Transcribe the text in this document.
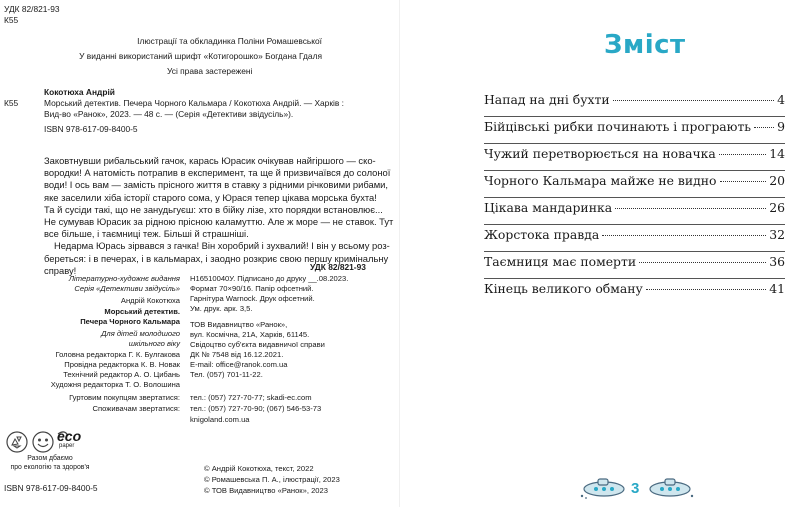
УДК 82/821-93
К55
Ілюстрації та обкладинка Поліни Ромашевської
У виданні використаний шрифт «Котигорошко» Богдана Гдаля
Усі права застережені
Кокотюха Андрій
К55	Морський детектив. Печера Чорного Кальмара / Кокотюха Андрій. — Харків :
Вид-во «Ранок», 2023. — 48 с. — (Серія «Детективи звідусіль»).
ISBN 978-617-09-8400-5
Заковтнувши рибальський гачок, карась Юрасик очікував найгіршого — ско-
вородки! А натомість потрапив в експеримент, та ще й призвичаївся до солоної
води! І ось вам — замість прісного життя в ставку з рідними річковими рибами,
яке заселили хіба історії старого сома, у Юрася тепер цікава морська бухта!
Та й сусіди такі, що не занудьгуєш: хто в бійку лізе, хто порядки встановлює...
Не сумував Юрасик за рідною прісною каламуттю. Але ж море — не ставок. Тут
все більше, і таємниці теж. Більші й страшніші.
Недарма Юрась зірвався з гачка! Він хоробрий і зухвалий! І він у всьому роз-
береться: і в печерах, і в кальмарах, і заодно розкриє свою першу кримінальну
справу!	УДК 82/821-93
Літературно-художнє видання
Серія «Детективи звідусіль»
Андрій Кокотюха
Морський детектив.
Печера Чорного Кальмара
Для дітей молодшого
шкільного віку
Головна редакторка Г. К. Булгакова
Провідна редакторка К. В. Новак
Технічний редактор А. О. Цибань
Художня редакторка Т. О. Волошина
Н16510040У. Підписано до друку __.08.2023.
Формат 70×90/16. Папір офсетний.
Гарнітура Warnock. Друк офсетний.
Ум. друк. арк. 3,5.
ТОВ Видавництво «Ранок»,
вул. Космічна, 21А, Харків, 61145.
Свідоцтво суб'єкта видавничої справи
ДК № 7548 від 16.12.2021.
E-mail: office@ranok.com.ua
Тел. (057) 701-11-22.
Гуртовим покупцям звертатися: тел.: (057) 727-70-77; skadi-ec.com
Споживачам звертатися: тел.: (057) 727-70-90; (067) 546-53-73
knigoland.com.ua
eco
paper
Разом дбаємо
про екологію та здоров'я
ISBN 978-617-09-8400-5
© Андрій Кокотюха, текст, 2022
© Ромашевська П. А., ілюстрації, 2023
© ТОВ Видавництво «Ранок», 2023
Зміст
Напад на дні бухти	4
Бійцівські рибки починають і програють 9
Чужий перетворюється на новачка	14
Чорного Кальмара майже не видно	20
Цікава мандаринка	26
Жорстока правда	32
Таємниця має померти	36
Кінець великого обману	41
3
